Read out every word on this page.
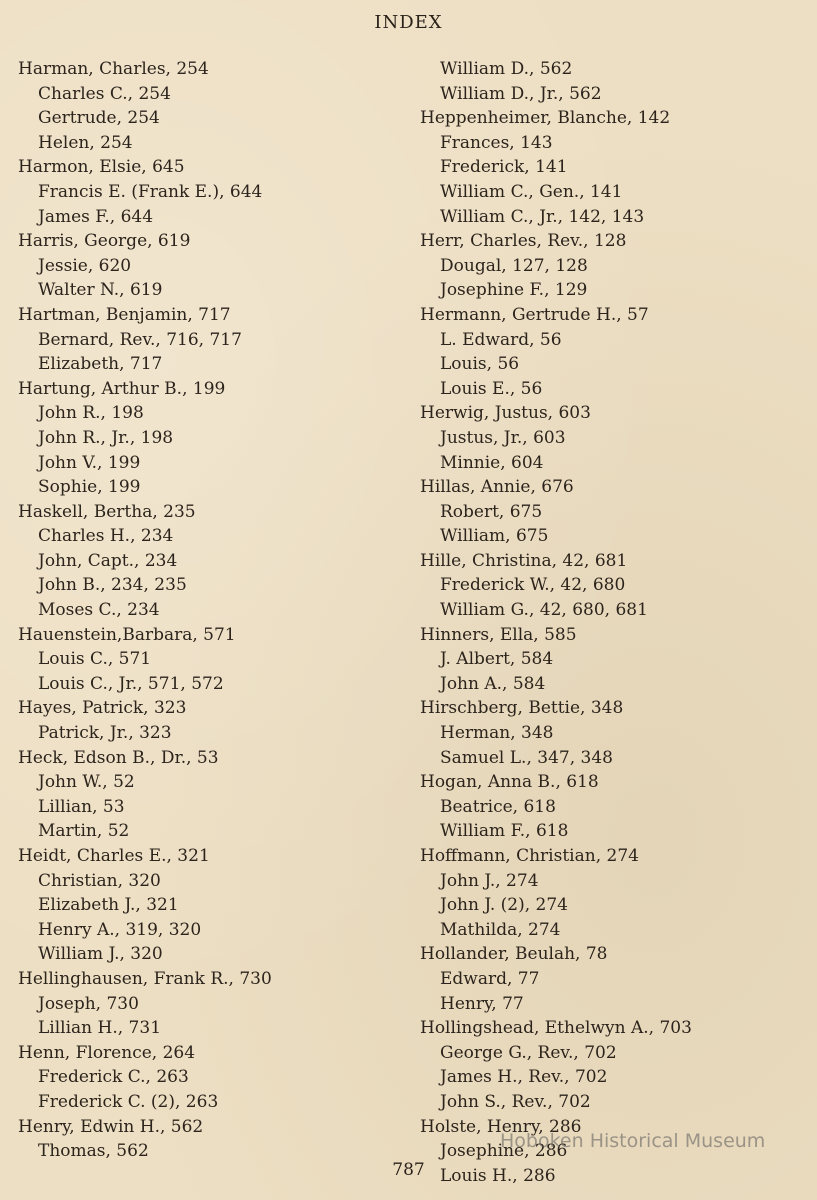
INDEX
Harman, Charles, 254
Charles C., 254
Gertrude, 254
Helen, 254
Harmon, Elsie, 645
Francis E. (Frank E.), 644
James F., 644
Harris, George, 619
Jessie, 620
Walter N., 619
Hartman, Benjamin, 717
Bernard, Rev., 716, 717
Elizabeth, 717
Hartung, Arthur B., 199
John R., 198
John R., Jr., 198
John V., 199
Sophie, 199
Haskell, Bertha, 235
Charles H., 234
John, Capt., 234
John B., 234, 235
Moses C., 234
Hauenstein,Barbara, 571
Louis C., 571
Louis C., Jr., 571, 572
Hayes, Patrick, 323
Patrick, Jr., 323
Heck, Edson B., Dr., 53
John W., 52
Lillian, 53
Martin, 52
Heidt, Charles E., 321
Christian, 320
Elizabeth J., 321
Henry A., 319, 320
William J., 320
Hellinghausen, Frank R., 730
Joseph, 730
Lillian H., 731
Henn, Florence, 264
Frederick C., 263
Frederick C. (2), 263
Henry, Edwin H., 562
Thomas, 562
William D., 562
William D., Jr., 562
Heppenheimer, Blanche, 142
Frances, 143
Frederick, 141
William C., Gen., 141
William C., Jr., 142, 143
Herr, Charles, Rev., 128
Dougal, 127, 128
Josephine F., 129
Hermann, Gertrude H., 57
L. Edward, 56
Louis, 56
Louis E., 56
Herwig, Justus, 603
Justus, Jr., 603
Minnie, 604
Hillas, Annie, 676
Robert, 675
William, 675
Hille, Christina, 42, 681
Frederick W., 42, 680
William G., 42, 680, 681
Hinners, Ella, 585
J. Albert, 584
John A., 584
Hirschberg, Bettie, 348
Herman, 348
Samuel L., 347, 348
Hogan, Anna B., 618
Beatrice, 618
William F., 618
Hoffmann, Christian, 274
John J., 274
John J. (2), 274
Mathilda, 274
Hollander, Beulah, 78
Edward, 77
Henry, 77
Hollingshead, Ethelwyn A., 703
George G., Rev., 702
James H., Rev., 702
John S., Rev., 702
Holste, Henry, 286
Josephine, 286
Louis H., 286
787
Hoboken Historical Museum
